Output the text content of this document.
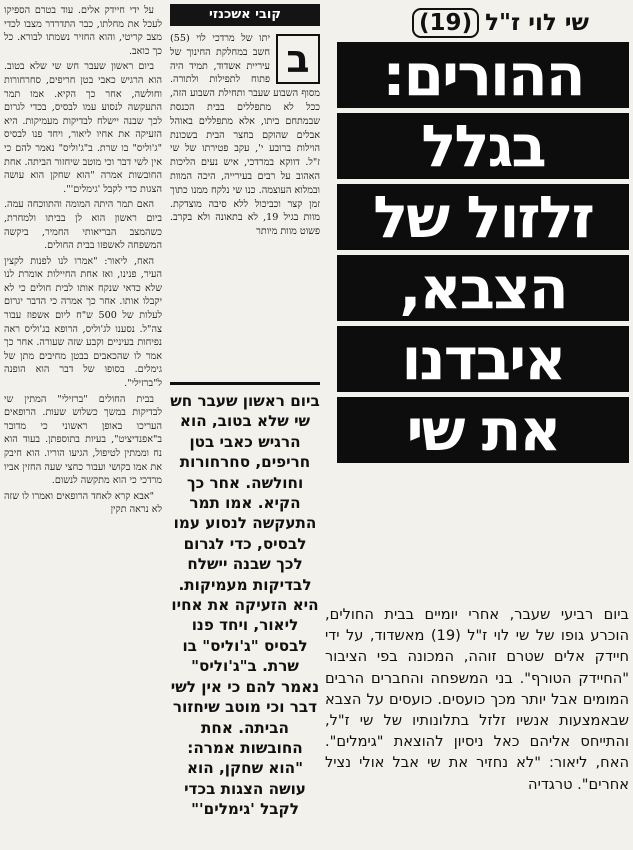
על ידי חיידק אלים. עוד בטרם הספיקו לעכל את מחלתו, כבר התדרדר מצבו לכדי מצב קריטי, והוא החזיר נשמתו לבורא. כל כך כואב.

ביום ראשון שעבר חש שי שלא בטוב. הוא הרגיש כאבי בטן חריפים, סחרחורות וחולשה, אחר כך הקיא. אמו תמר התעקשה לנסוע עמו לבסיס, בכדי לגרום לכך שבנה יישלח לבדיקות מעמיקות. היא הזעיקה את אחיו ליאור, ויחד פנו לבסיס "ג'וליס" בו שרת. ב"ג'וליס" נאמר להם כי אין לשי דבר וכי מוטב שיחזור הביתה. אחת החובשות אמרה "הוא שחקן הוא עושה הצגות כדי לקבל 'גימלים'".

האם תמר היתה המומה והתווכחה עמה. ביום ראשון הוא לן בביתו ולמחרת, כשהמצב הבריאותי החמיר, ביקשה המשפחה לאשפזו בבית החולים.

האח, ליאור: "אמרו לנו לפנות לקצין העיר, פנינו, ואז אחת החיילות אומרת לנו שלא כדאי שנקח אותו לבית חולים כי לא יקבלו אותו. אחר כך אמרה כי הדבר יגרום לעלות של 500 ש"ח ליום אשפוז עבור צה"ל. נסענו לג'וליס, הרופא בג'וליס ראה נפיחות בעיניים וקבע שזה שעורה. אחר כך אמר לו שהכאבים בבטן מחיבים מתן של גימלים. בסופו של דבר הוא הופנה ל"ברזילי".

בבית החולים "ברזילי" המתין שי לבדיקות במשך כשלוש שעות. הרופאים העריכו באופן ראשוני כי מדובר ב"אפנדיציט", בעיות בתוספתן. בעוד הוא נח וממתין לטיפול, הגיעו הוריו. הוא חיבק את אמו בקושי ועבור כחצי שעה החזין אביו מרדכי כי הוא מתקשה לנשום.

"אבא קרא לאחד הרופאים ואמרו לו שזה לא נראה תקין

קובי אשכנזי
ב

יתו של מרדכי לוי (55) חשב במחלקת החינוך של עיריית אשדוד, תמיד היה פתוח לתפילות ולתורה. מסוף השבוע שעבר ותחילת השבוע הזה, ככל לא מתפללים בבית הכנסת שבמתחם ביתו, אלא מתפללים באוהל אבלים שהוקם בחצר הבית בשכונת הוילות ברובע י', עקב פטירתו של שי ז"ל. דווקא במרדכי, איש נעים הליכות האהוב על רבים בעירייה, היכה המוות ובמלוא העוצמה. כנו שי נלקח ממנו כתוך זמן קצר וכביכול ללא סיבה מוצדקת. מוות בגיל 19, לא בתאונה ולא בקרב. פשוט מוות מיותר

ביום ראשון שעבר חש שי שלא בטוב, הוא הרגיש כאבי בטן חריפים, סחרחורות וחולשה. אחר כך הקיא. אמו תמר התעקשה לנסוע עמו לבסיס, כדי לגרום לכך שבנה יישלח לבדיקות מעמיקות. היא הזעיקה את אחיו ליאור, ויחד פנו לבסיס "ג'וליס" בו שרת. ב"ג'וליס" נאמר להם כי אין לשי דבר וכי מוטב שיחזור הביתה. אחת החובשות אמרה: "הוא שחקן, הוא עושה הצגות בכדי לקבל 'גימלים'"
שי לוי ז"ל
(19)
ההורים:
בגלל
זלזול של
הצבא,
איבדנו
את שי

ביום רביעי שעבר, אחרי יומיים בבית החולים, הוכרע גופו של שי לוי ז"ל (19) מאשדוד, על ידי חיידק אלים שטרם זוהה, המכונה בפי הציבור "החיידק הטורף". בני המשפחה והחברים הרבים המומים אבל יותר מכך כועסים. כועסים על הצבא שבאמצעות אנשיו זלזל בתלונותיו של שי ז"ל, והתייחס אליהם כאל ניסיון להוצאת "גימלים". האח, ליאור: "לא נחזיר את שי אבל אולי נציל אחרים". טרגדיה
